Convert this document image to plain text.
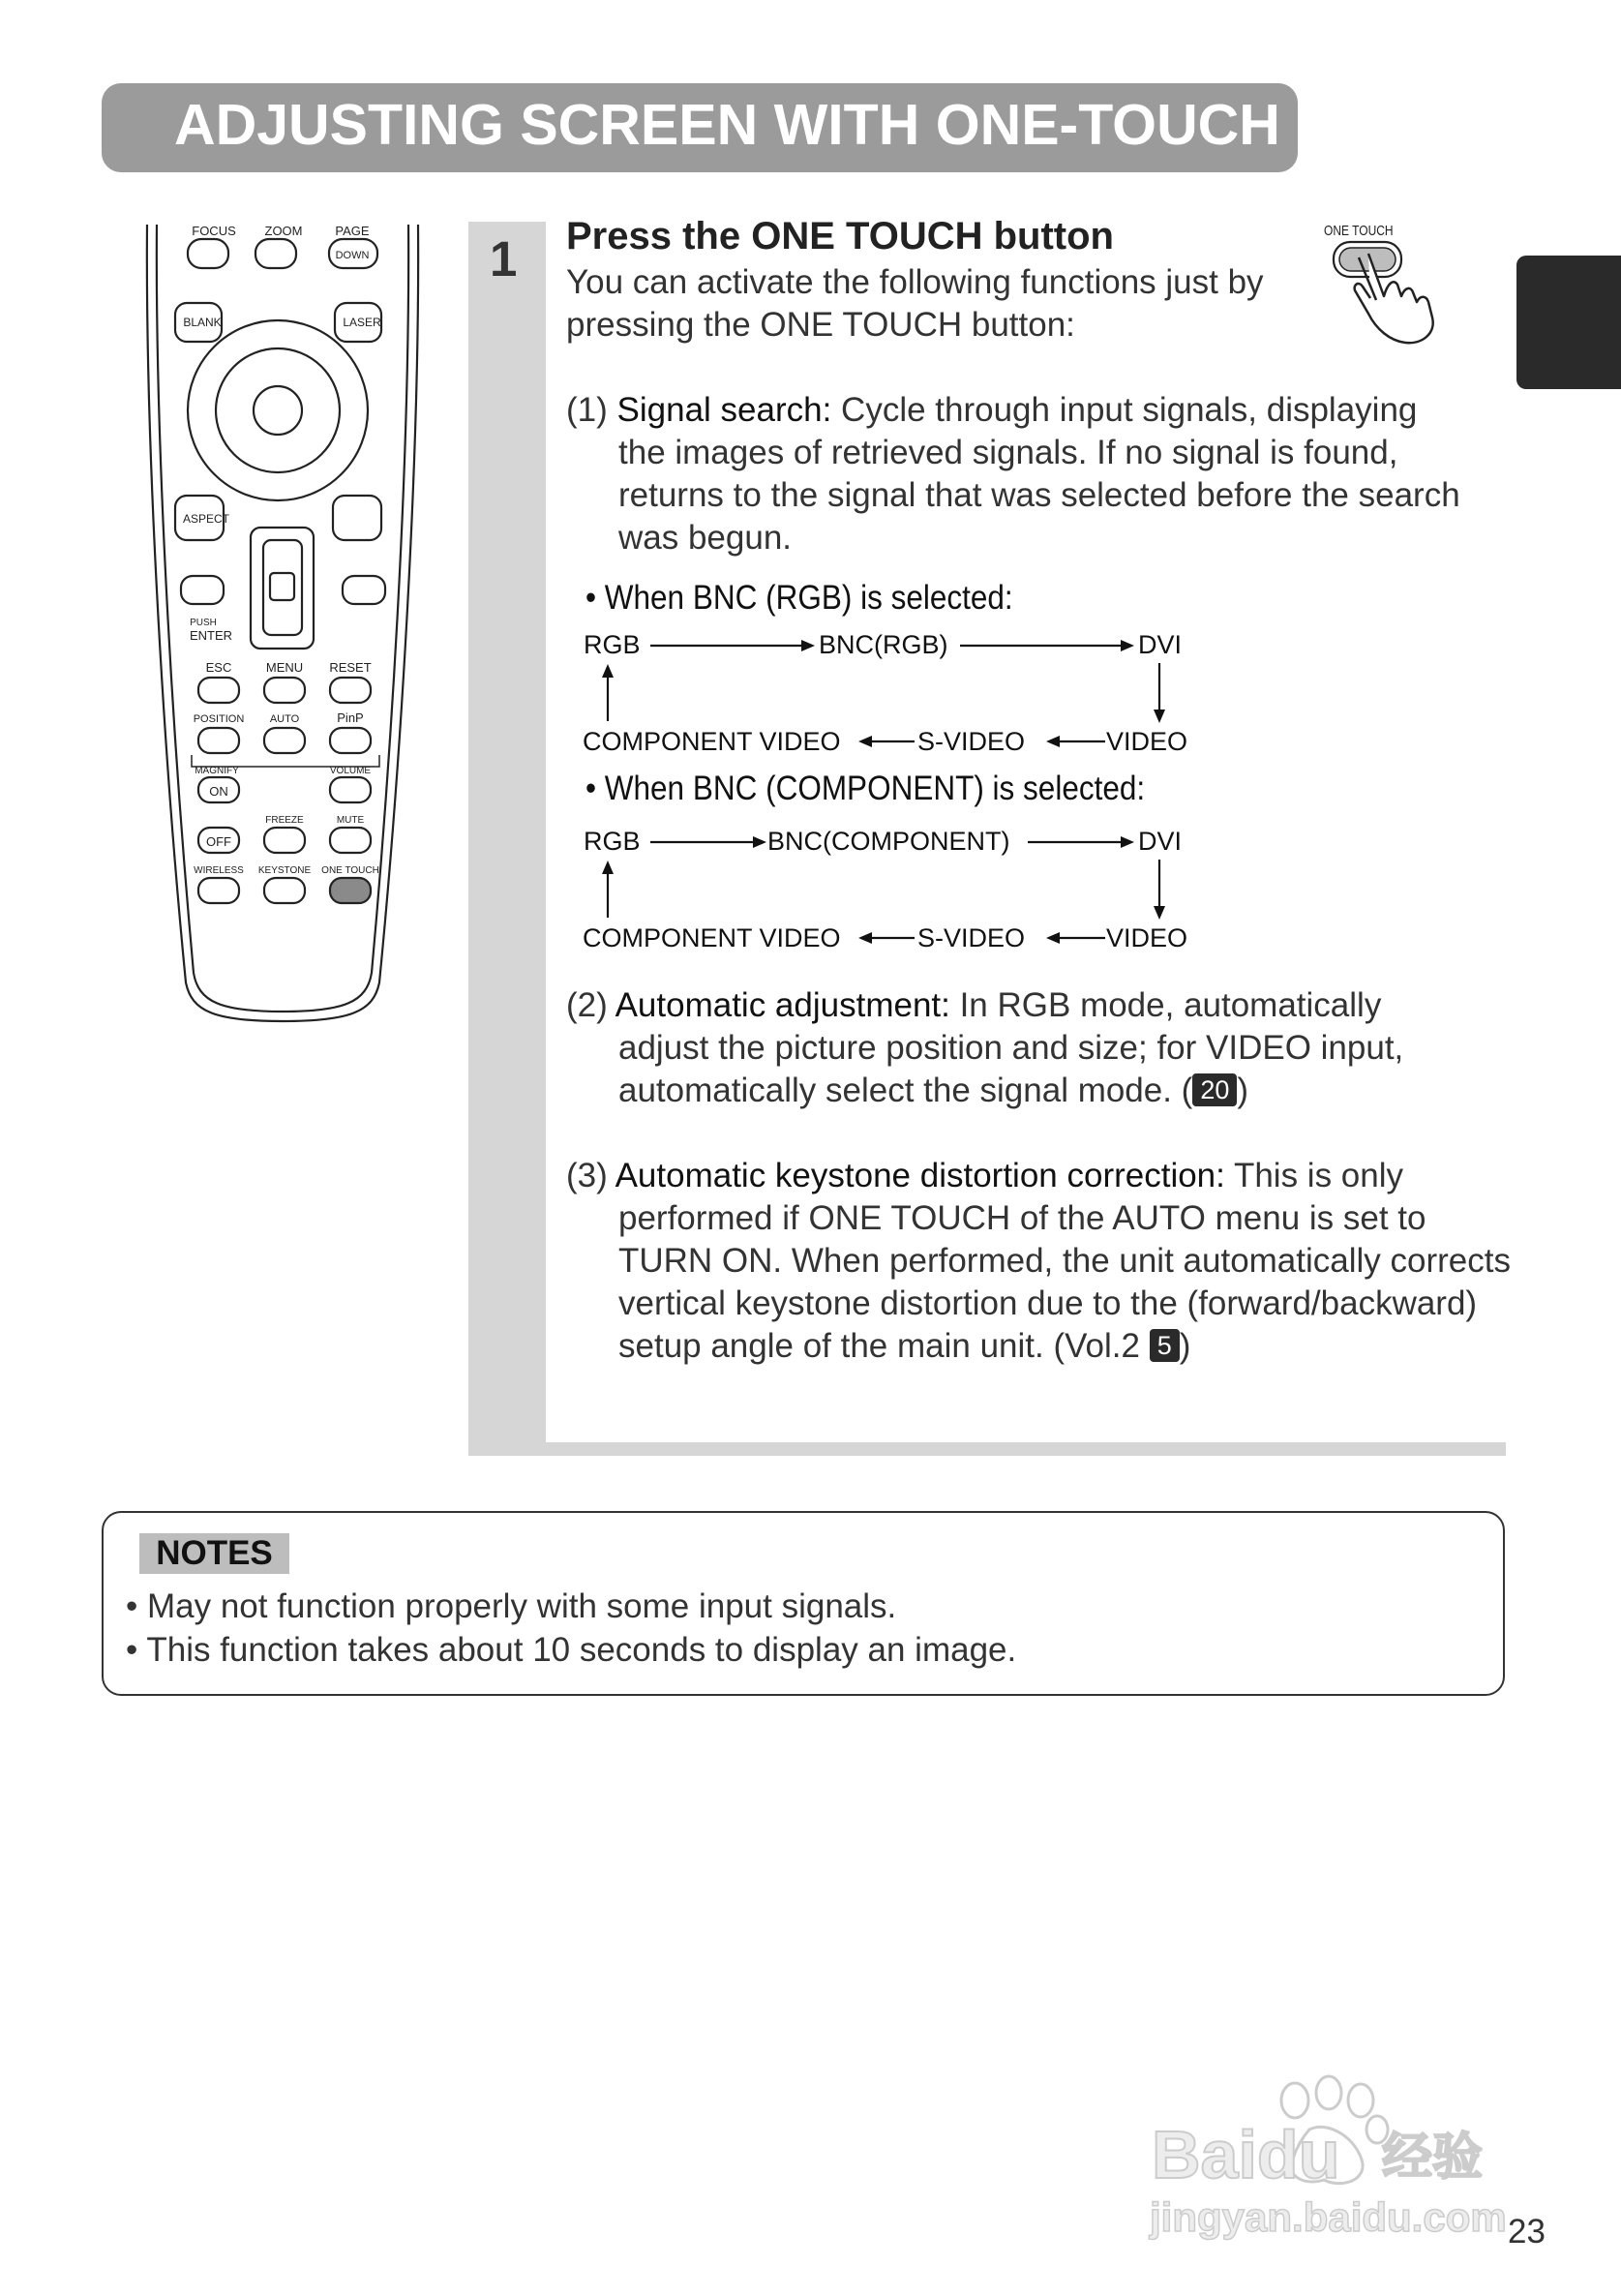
ADJUSTING SCREEN WITH ONE-TOUCH
FOCUS ZOOM	PAGE
DOWN
BLANK	LASER
ASPECT
PUSH
ENTER
ESC	MENU RESET
POSITION AUTO	PinP
MAGNIFY
ON
VOLUME
FREEZE	MUTE
OFF
WIRELESS KEYSTONE ONE TOUCH
1 Press the ONE TOUCH button
You can activate the following functions just by
pressing the ONE TOUCH button:
ONE TOUCH
(1) Signal search: Cycle through input signals, displaying
the images of retrieved signals. If no signal is found,
returns to the signal that was selected before the search
was begun.
• When BNC (RGB) is selected:
RGB	BNC(RGB)	DVI
COMPONENT VIDEO	S-VIDEO	VIDEO
• When BNC (COMPONENT) is selected:
RGB	BNC(COMPONENT)	DVI
COMPONENT VIDEO	S-VIDEO	VIDEO
(2) Automatic adjustment: In RGB mode, automatically
adjust the picture position and size; for VIDEO input,
automatically select the signal mode. ( 20 )
(3) Automatic keystone distortion correction: This is only
performed if ONE TOUCH of the AUTO menu is set to
TURN ON. When performed, the unit automatically corrects
vertical keystone distortion due to the (forward/backward)
setup angle of the main unit. (Vol.2 5 )
NOTES
• May not function properly with some input signals.
• This function takes about 10 seconds to display an image.
Baidu 经验
jingyan.baidu.com 23
